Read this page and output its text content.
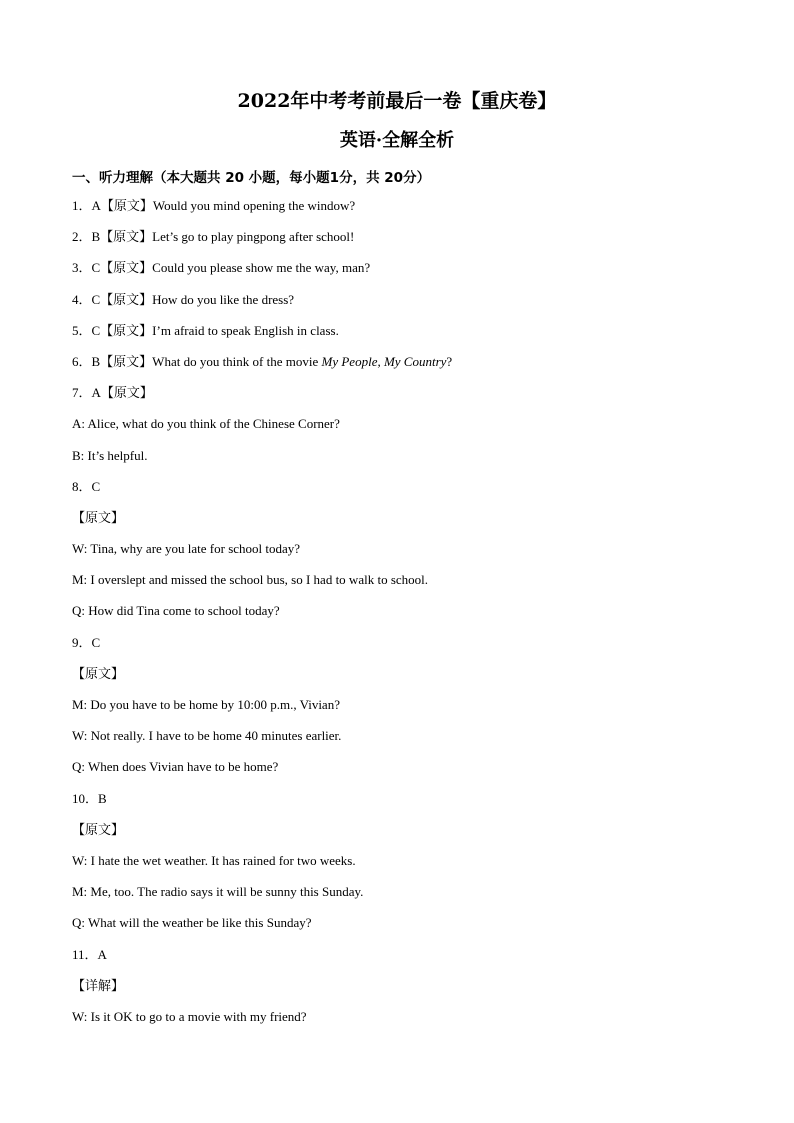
2022年中考考前最后一卷【重庆卷】
英语·全解全析
一、听力理解（本大题共 20 小题，每小题1分，共 20分）
1．A【原文】Would you mind opening the window?
2．B【原文】Let’s go to play pingpong after school!
3．C【原文】Could you please show me the way, man?
4．C【原文】How do you like the dress?
5．C【原文】I’m afraid to speak English in class.
6．B【原文】What do you think of the movie My People, My Country?
7．A【原文】
A: Alice, what do you think of the Chinese Corner?
B: It’s helpful.
8．C
【原文】
W: Tina, why are you late for school today?
M: I overslept and missed the school bus, so I had to walk to school.
Q: How did Tina come to school today?
9．C
【原文】
M: Do you have to be home by 10:00 p.m., Vivian?
W: Not really. I have to be home 40 minutes earlier.
Q: When does Vivian have to be home?
10．B
【原文】
W: I hate the wet weather. It has rained for two weeks.
M: Me, too. The radio says it will be sunny this Sunday.
Q: What will the weather be like this Sunday?
11．A
【详解】
W: Is it OK to go to a movie with my friend?
